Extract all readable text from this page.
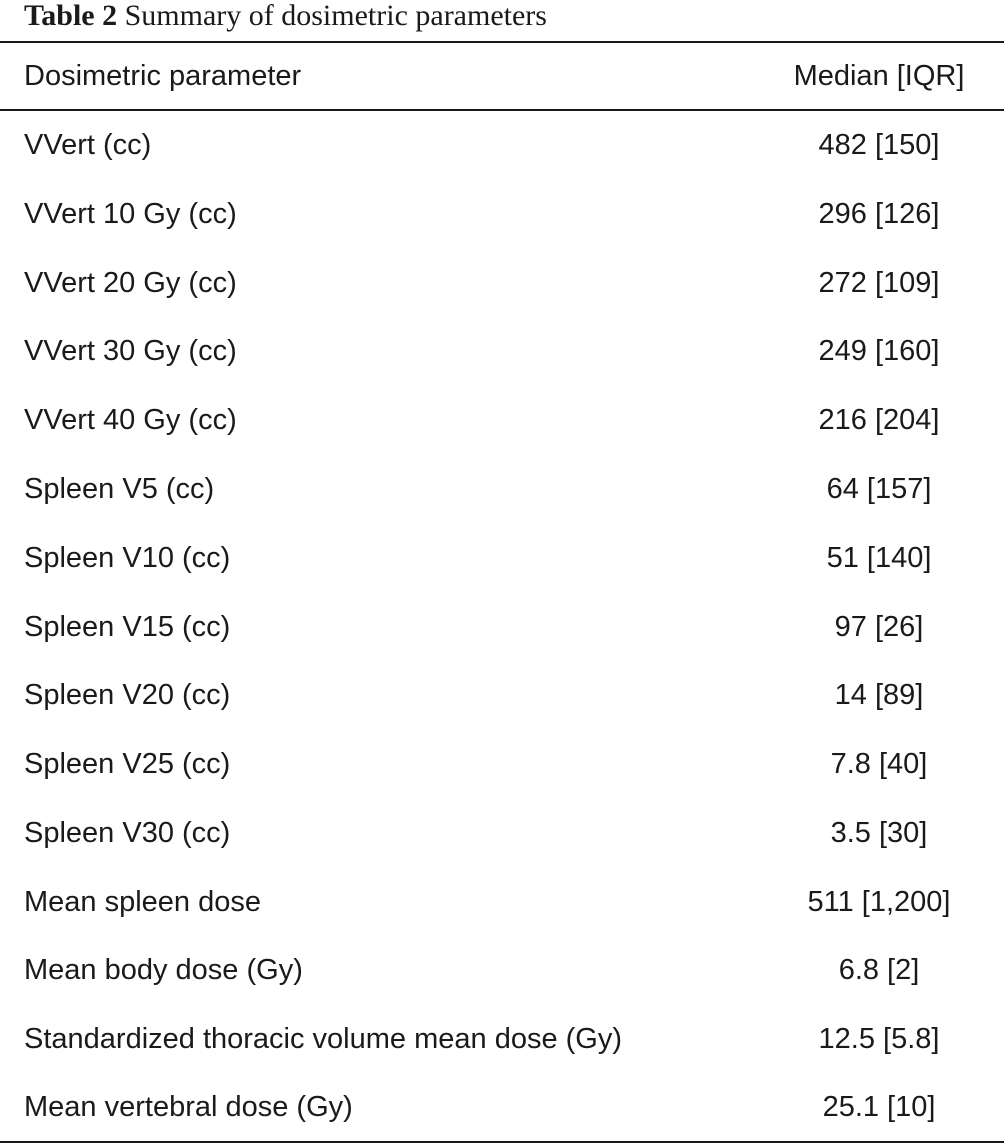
Table 2 Summary of dosimetric parameters
Dosimetric parameter	Median [IQR]
VVert (cc)	482 [150]
VVert 10 Gy (cc)	296 [126]
VVert 20 Gy (cc)	272 [109]
VVert 30 Gy (cc)	249 [160]
VVert 40 Gy (cc)	216 [204]
Spleen V5 (cc)	64 [157]
Spleen V10 (cc)	51 [140]
Spleen V15 (cc)	97 [26]
Spleen V20 (cc)	14 [89]
Spleen V25 (cc)	7.8 [40]
Spleen V30 (cc)	3.5 [30]
Mean spleen dose	511 [1,200]
Mean body dose (Gy)	6.8 [2]
Standardized thoracic volume mean dose (Gy)	12.5 [5.8]
Mean vertebral dose (Gy)	25.1 [10]
